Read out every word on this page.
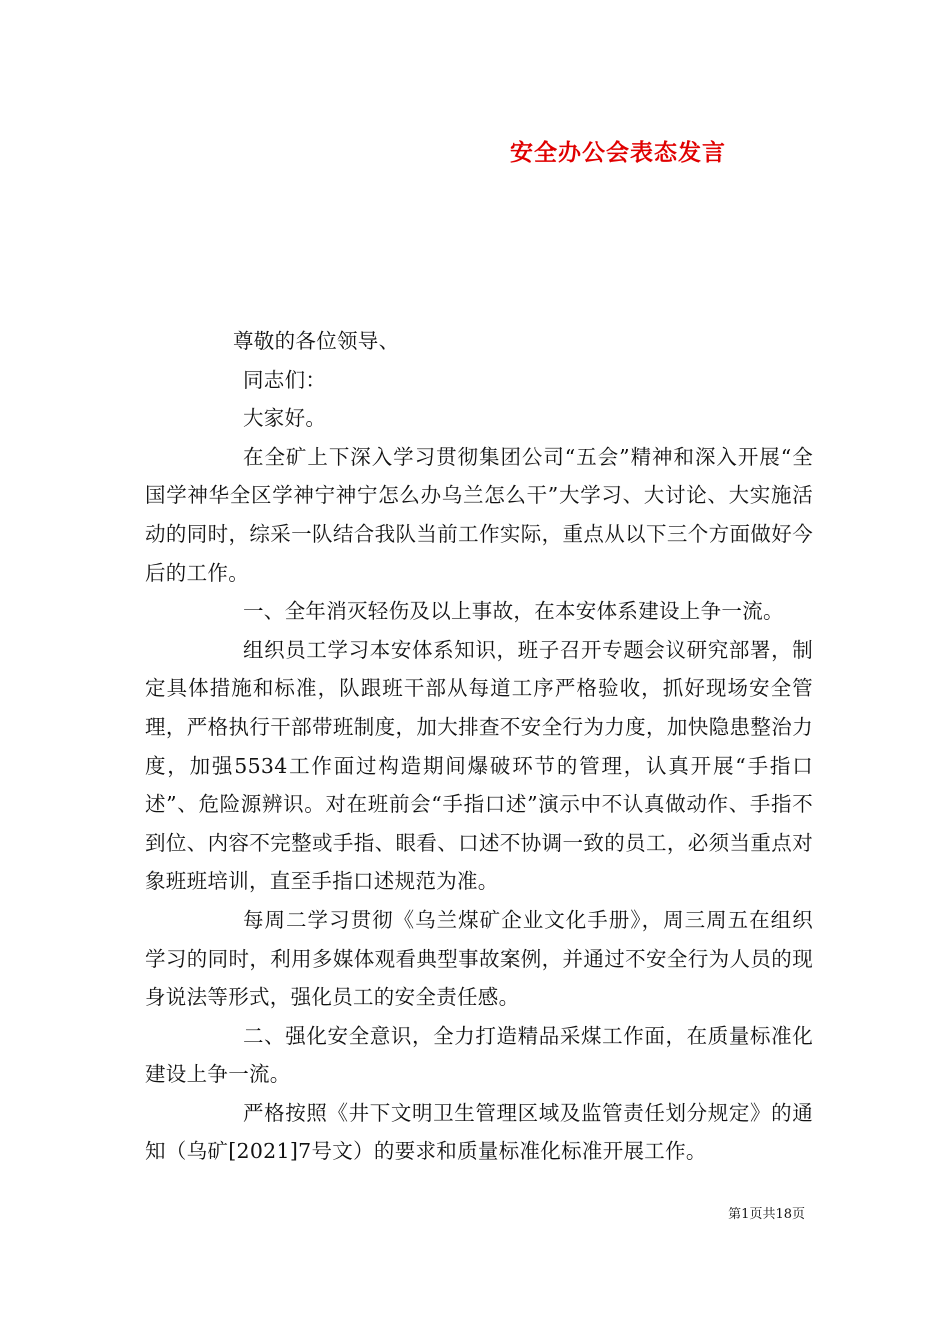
安全办公会表态发言

尊敬的各位领导、

同志们：

大家好。

在全矿上下深入学习贯彻集团公司“五会”精神和深入开展“全国学神华全区学神宁神宁怎么办乌兰怎么干”大学习、大讨论、大实施活动的同时，综采一队结合我队当前工作实际，重点从以下三个方面做好今后的工作。

一、全年消灭轻伤及以上事故，在本安体系建设上争一流。

组织员工学习本安体系知识，班子召开专题会议研究部署，制定具体措施和标准，队跟班干部从每道工序严格验收，抓好现场安全管理，严格执行干部带班制度，加大排查不安全行为力度，加快隐患整治力度，加强5534工作面过构造期间爆破环节的管理，认真开展“手指口述”、危险源辨识。对在班前会“手指口述”演示中不认真做动作、手指不到位、内容不完整或手指、眼看、口述不协调一致的员工，必须当重点对象班班培训，直至手指口述规范为准。

每周二学习贯彻《乌兰煤矿企业文化手册》，周三周五在组织学习的同时，利用多媒体观看典型事故案例，并通过不安全行为人员的现身说法等形式，强化员工的安全责任感。

二、强化安全意识，全力打造精品采煤工作面，在质量标准化建设上争一流。

严格按照《井下文明卫生管理区域及监管责任划分规定》的通知（乌矿[2021]7号文）的要求和质量标准化标准开展工作。

第1页共18页
